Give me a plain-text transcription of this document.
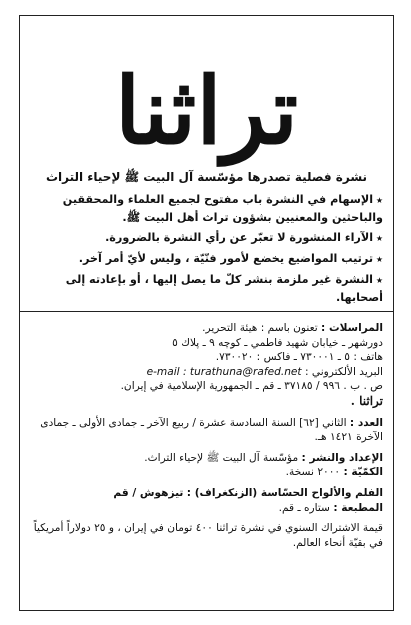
تراثنا
نشرة فصلية تصدرها مؤسّسة آل البيت ﷺ لإحياء التراث
★ الإسهام في النشرة باب مفتوح لجميع العلماء والمحققين والباحثين والمعنيين بشؤون تراث أهل البيت ﷺ.
★ الآراء المنشورة لا تعبّر عن رأي النشرة بالضرورة.
★ ترتيب المواضيع يخضع لأمور فنّيّة ، وليس لأيّ أمر آخر.
★ النشرة غير ملزمة بنشر كلّ ما يصل إليها ، أو بإعادته إلى أصحابها.
المراسلات : تعنون باسم : هيئة التحرير.
دورشهر ـ خيابان شهيد فاطمي ـ كوچه ۹ ـ پلاك ٥
هاتف : ٥ ـ ٧٣٠٠٠١ ـ فاكس : ٧٣٠٠٢٠.
البريد الألكتروني : e-mail : turathuna@rafed.net
ص . ب . ٩٩٦ / ٣٧١٨٥ ـ قم ـ الجمهورية الإسلامية في إيران.
تراثنا .
العدد : الثاني [٦٢] السنة السادسة عشرة / ربيع الآخر ـ جمادى الأولى ـ جمادى الآخرة ١٤٢١ هـ.
الإعداد والنشر : مؤسّسة آل البيت ﷺ لإحياء التراث.
الكمّيّة : ٢٠٠٠ نسخة.
الفلم والألواح الحسّاسة (الزنكغراف) : تيزهوش / قم
المطبعة : ستاره ـ قم.
قيمة الاشتراك السنوي في نشرة تراثنا ٤٠٠ تومان في إيران ، و ٢٥ دولاراً أمريكياً في بقيّة أنحاء العالم.
